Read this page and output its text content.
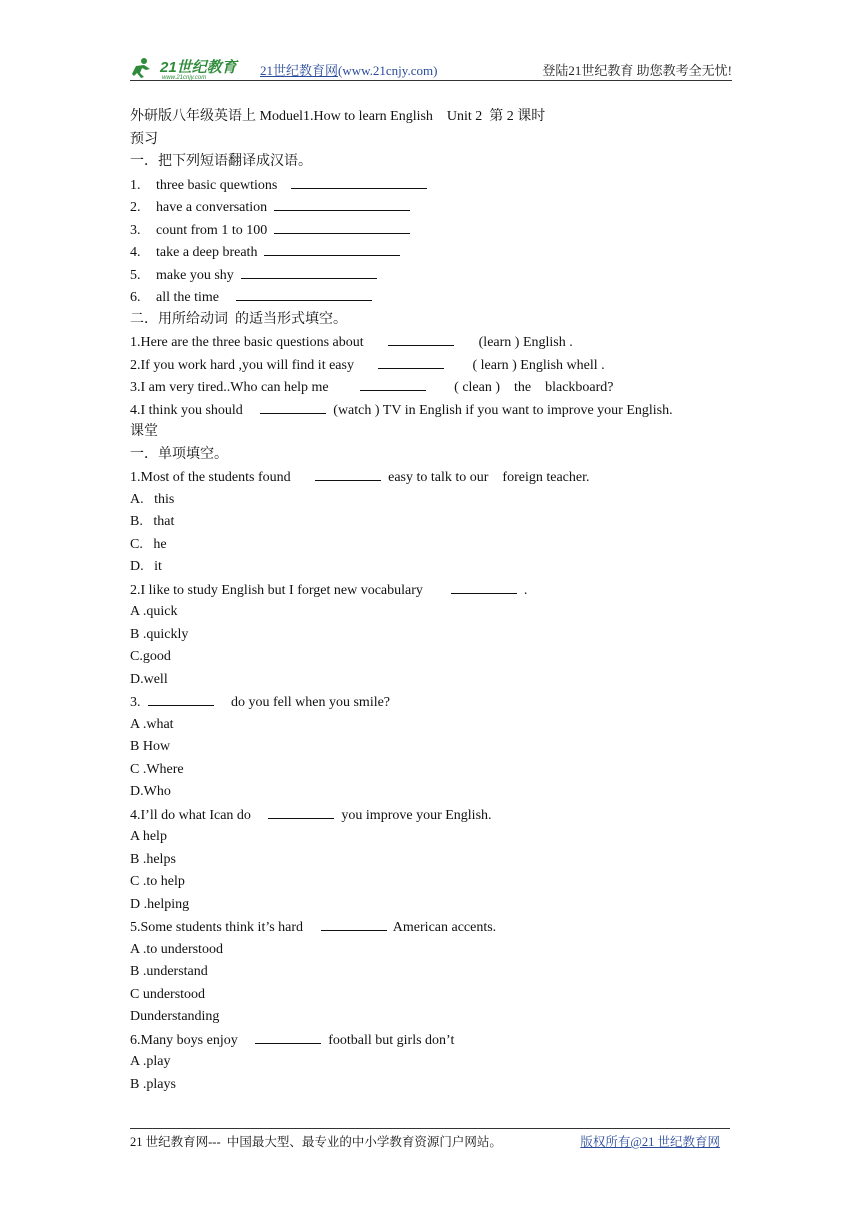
21世纪教育
www.21cnjy.com	21世纪教育网(www.21cnjy.com)	登陆21世纪教育 助您教考全无忧!
外研版八年级英语上 Moduel1.How to learn English　Unit 2  第 2 课时
预习
一．把下列短语翻译成汉语。
1. three basic quewtions
2. have a conversation
3. count from 1 to 100
4. take a deep breath
5. make you shy
6. all the time
二．用所给动词  的适当形式填空。
1.Here are the three basic questions about	(learn ) English .
2.If you work hard ,you will find it easy	( learn ) English whell .
3.I am very tired..Who can help me	( clean )    the    blackboard?
4.I think you should	(watch ) TV in English if you want to improve your English.
课堂
一．单项填空。
1.Most of the students found	easy to talk to our    foreign teacher.
A.   this
B.   that
C.   he
D.   it
2.I like to study English but I forget new vocabulary	.
A .quick
B .quickly
C.good
D.well
3.	do you fell when you smile?
A .what
B How
C .Where
D.Who
4.I’ll do what Ican do	you improve your English.
A help
B .helps
C .to help
D .helping
5.Some students think it’s hard	American accents.
A .to understood
B .understand
C understood
Dunderstanding
6.Many boys enjoy	football but girls don’t
A .play
B .plays
21 世纪教育网---  中国最大型、最专业的中小学教育资源门户网站。	版权所有@21 世纪教育网
